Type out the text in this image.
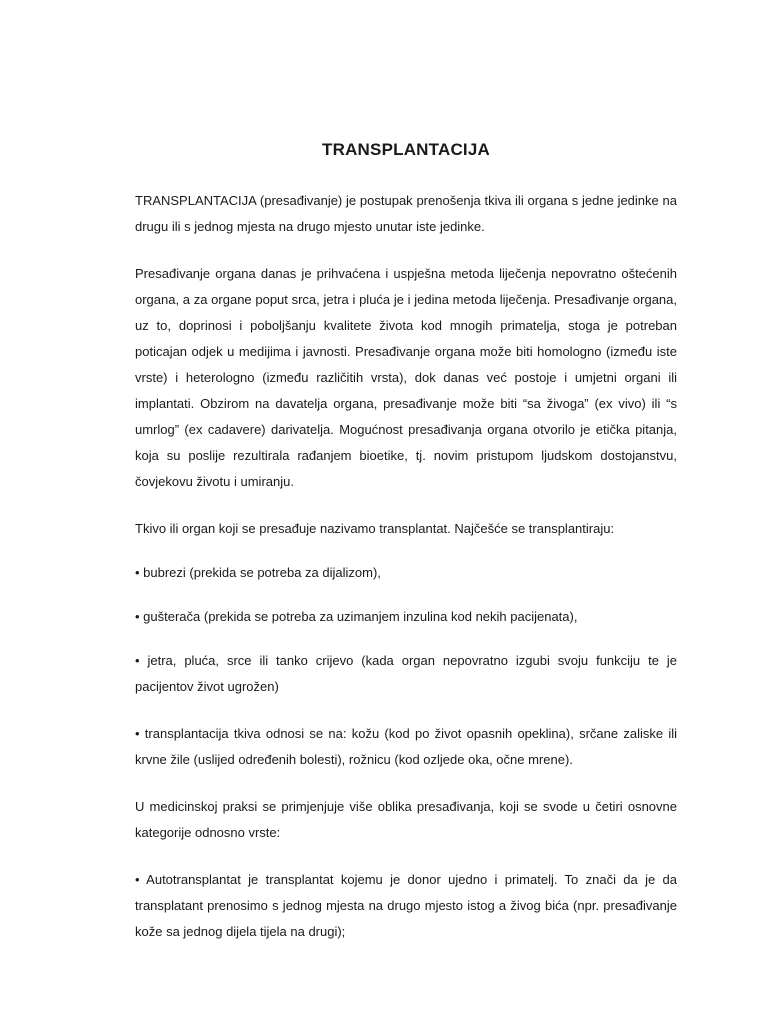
TRANSPLANTACIJA

TRANSPLANTACIJA (presađivanje) je postupak prenošenja tkiva ili organa s jedne jedinke na drugu ili s jednog mjesta na drugo mjesto unutar iste jedinke.

Presađivanje organa danas je prihvaćena i uspješna metoda liječenja nepovratno oštećenih organa, a za organe poput srca, jetra i pluća je i jedina metoda liječenja. Presađivanje organa, uz to, doprinosi i poboljšanju kvalitete života kod mnogih primatelja, stoga je potreban poticajan odjek u medijima i javnosti. Presađivanje organa može biti homologno (između iste vrste) i heterologno (između različitih vrsta), dok danas već postoje i umjetni organi ili implantati. Obzirom na davatelja organa, presađivanje može biti “sa živoga” (ex vivo) ili “s umrlog” (ex cadavere) darivatelja. Mogućnost presađivanja organa otvorilo je etička pitanja, koja su poslije rezultirala rađanjem bioetike, tj. novim pristupom ljudskom dostojanstvu, čovjekovu životu i umiranju.

Tkivo ili organ koji se presađuje nazivamo transplantat. Najčešće se transplantiraju:

• bubrezi (prekida se potreba za dijalizom),

• gušterača (prekida se potreba za uzimanjem inzulina kod nekih pacijenata),

• jetra, pluća, srce ili tanko crijevo (kada organ nepovratno izgubi svoju funkciju te je pacijentov život ugrožen)

• transplantacija tkiva odnosi se na: kožu (kod po život opasnih opeklina), srčane zaliske ili krvne žile (uslijed određenih bolesti), rožnicu (kod ozljede oka, očne mrene).

U medicinskoj praksi se primjenjuje više oblika presađivanja, koji se svode u četiri osnovne kategorije odnosno vrste:

• Autotransplantat je transplantat kojemu je donor ujedno i primatelj. To znači da je da transplatant prenosimo s jednog mjesta na drugo mjesto istog a živog bića (npr. presađivanje kože sa jednog dijela tijela na drugi);
